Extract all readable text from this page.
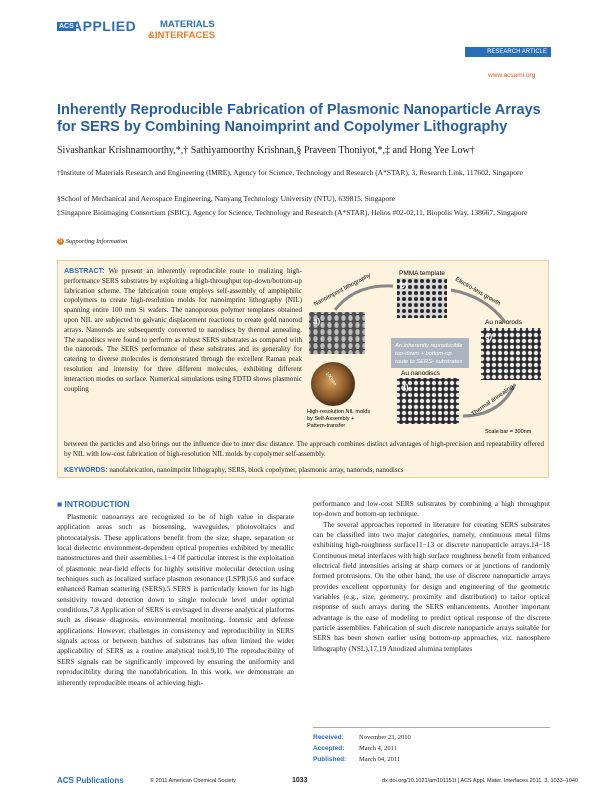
ACS
APPLIED	MATERIALS
&INTERFACES
RESEARCH ARTICLE
www.acsami.org
Inherently Reproducible Fabrication of Plasmonic Nanoparticle Arrays for SERS by Combining Nanoimprint and Copolymer Lithography
Sivashankar Krishnamoorthy,*,† Sathiyamoorthy Krishnan,§ Praveen Thoniyot,*,‡ and Hong Yee Low†
†Institute of Materials Research and Engineering (IMRE), Agency for Science, Technology and Research (A*STAR), 3, Research Link, 117602, Singapore
§School of Mechanical and Aerospace Engineering, Nanyang Technology University (NTU), 639815, Singapore
‡Singapore Bioimaging Consortium (SBIC), Agency for Science, Technology and Research (A*STAR), Helios #02-02,11, Biopolis Way, 138667, Singapore
S Supporting Information
ABSTRACT: We present an inherently reproducible route to realizing high-performance SERS substrates by exploiting a high-throughput top-down/bottom-up fabrication scheme. The fabrication route employs self-assembly of amphiphilic copolymers to create high-resolution molds for nanoimprint lithography (NIL) spanning entire 100 mm Si wafers. The nanoporous polymer templates obtained upon NIL are subjected to galvanic displacement reactions to create gold nanorod arrays. Nanorods are subsequently converted to nanodiscs by thermal annealing. The nanodiscs were found to perform as robust SERS substrates as compared with the nanorods. The SERS performance of these substrates and its generality for catering to diverse molecules is demonstrated through the excellent Raman peak resolution and intensity for three different molecules, exhibiting different interaction modes on surface. Numerical simulations using FDTD shows plasmonic coupling
between the particles and also brings out the influence due to inter disc distance. The approach combines distinct advantages of high-precision and repeatability offered by NIL with low-cost fabrication of high-resolution NIL molds by copolymer self-assembly.
KEYWORDS: nanofabrication, nanoimprint lithography, SERS, block copolymer, plasmonic array, nanorods, nanodiscs
PMMA template
b)
a)	Au nanorods
c)
Au nanodiscs
d)
100nm
An inherently reproducible
top-down + bottom-up
route to SERS- substrates
Nanoimprint lithography	Electro-less growth
Thermal annealing
High-resolution NIL molds
by Self-Assembly +
Pattern-transfer
Scale bar = 300nm
■ INTRODUCTION
Plasmonic nanoarrays are recognized to be of high value in disparate application areas such as biosensing, waveguides, photovoltaics and photocatalysis. These applications benefit from the size, shape, separation or local dielectric environment-dependent optical properties exhibited by metallic nanostructures and their assemblies.1−4 Of particular interest is the exploitation of plasmonic near-field effects for highly sensitive molecular detection using techniques such as localized surface plasmon resonance (LSPR)5,6 and surface enhanced Raman scattering (SERS).5 SERS is particularly known for its high sensitivity toward detection down to single molecule level under optimal conditions.7,8 Application of SERS is envisaged in diverse analytical platforms such as disease diagnosis, environmental monitoring, forensic and defense applications. However, challenges in consistency and reproducibility in SERS signals across or between batches of substrates has often limited the wider applicability of SERS as a routine analytical tool.9,10 The reproducibility of SERS signals can be significantly improved by ensuring the uniformity and reproducibility during the nanofabrication. In this work, we demonstrate an inherently reproducible means of achieving high-
performance and low-cost SERS substrates by combining a high throughput top-down and bottom-up technique.
The several approaches reported in literature for creating SERS substrates can be classified into two major categories, namely, continuous metal films exhibiting high-roughness surface11−13 or discrete nanoparticle arrays.14−18 Continuous metal interfaces with high surface roughness benefit from enhanced electrical field intensities arising at sharp corners or at junctions of randomly formed protrusions. On the other hand, the use of discrete nanoparticle arrays provides excellent opportunity for design and engineering of the geometric variables (e.g., size, geometry, proximity and distribution) to tailor optical response of such arrays during the SERS enhancements. Another important advantage is the ease of modeling to predict optical response of the discrete particle assemblies. Fabrication of such discrete nanoparticle arrays suitable for SERS has been shown earlier using bottom-up approaches, viz. nanosphere lithography (NSL),17,19 Anodized alumina templates
Received: November 23, 2010
Accepted: March 4, 2011
Published: March 04, 2011
ACS Publications	© 2011 American Chemical Society	1033	dx.doi.org/10.1021/am101151t | ACS Appl. Mater. Interfaces 2011, 3, 1033–1040
